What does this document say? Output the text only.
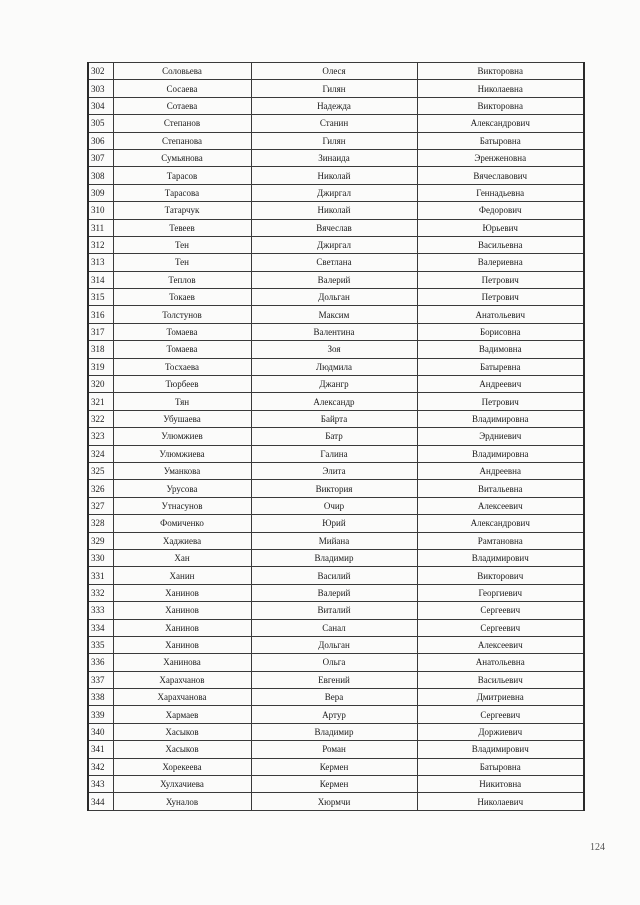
302	Соловьева	Олеся	Викторовна
303	Сосаева	Гилян	Николаевна
304	Сотаева	Надежда	Викторовна
305	Степанов	Станин	Александрович
306	Степанова	Гилян	Батыровна
307	Сумьянова	Зинаида	Эренженовна
308	Тарасов	Николай	Вячеславович
309	Тарасова	Джиргал	Геннадьевна
310	Татарчук	Николай	Федорович
311	Тевеев	Вячеслав	Юрьевич
312	Тен	Джиргал	Васильевна
313	Тен	Светлана	Валериевна
314	Теплов	Валерий	Петрович
315	Токаев	Дольган	Петрович
316	Толстунов	Максим	Анатольевич
317	Томаева	Валентина	Борисовна
318	Томаева	Зоя	Вадимовна
319	Тосхаева	Людмила	Батыревна
320	Тюрбеев	Джангр	Андреевич
321	Тян	Александр	Петрович
322	Убушаева	Байрта	Владимировна
323	Улюмжиев	Батр	Эрдниевич
324	Улюмжиева	Галина	Владимировна
325	Уманкова	Элита	Андреевна
326	Урусова	Виктория	Витальевна
327	Утнасунов	Очир	Алексеевич
328	Фомиченко	Юрий	Александрович
329	Хаджиева	Мийана	Рамтановна
330	Хан	Владимир	Владимирович
331	Ханин	Василий	Викторович
332	Ханинов	Валерий	Георгиевич
333	Ханинов	Виталий	Сергеевич
334	Ханинов	Санал	Сергеевич
335	Ханинов	Дольган	Алексеевич
336	Ханинова	Ольга	Анатольевна
337	Харахчанов	Евгений	Васильевич
338	Харахчанова	Вера	Дмитриевна
339	Хармаев	Артур	Сергеевич
340	Хасыков	Владимир	Доржиевич
341	Хасыков	Роман	Владимирович
342	Хорекеева	Кермен	Батыровна
343	Хулхачиева	Кермен	Никитовна
344	Хуналов	Хюрмчи	Николаевич
124
